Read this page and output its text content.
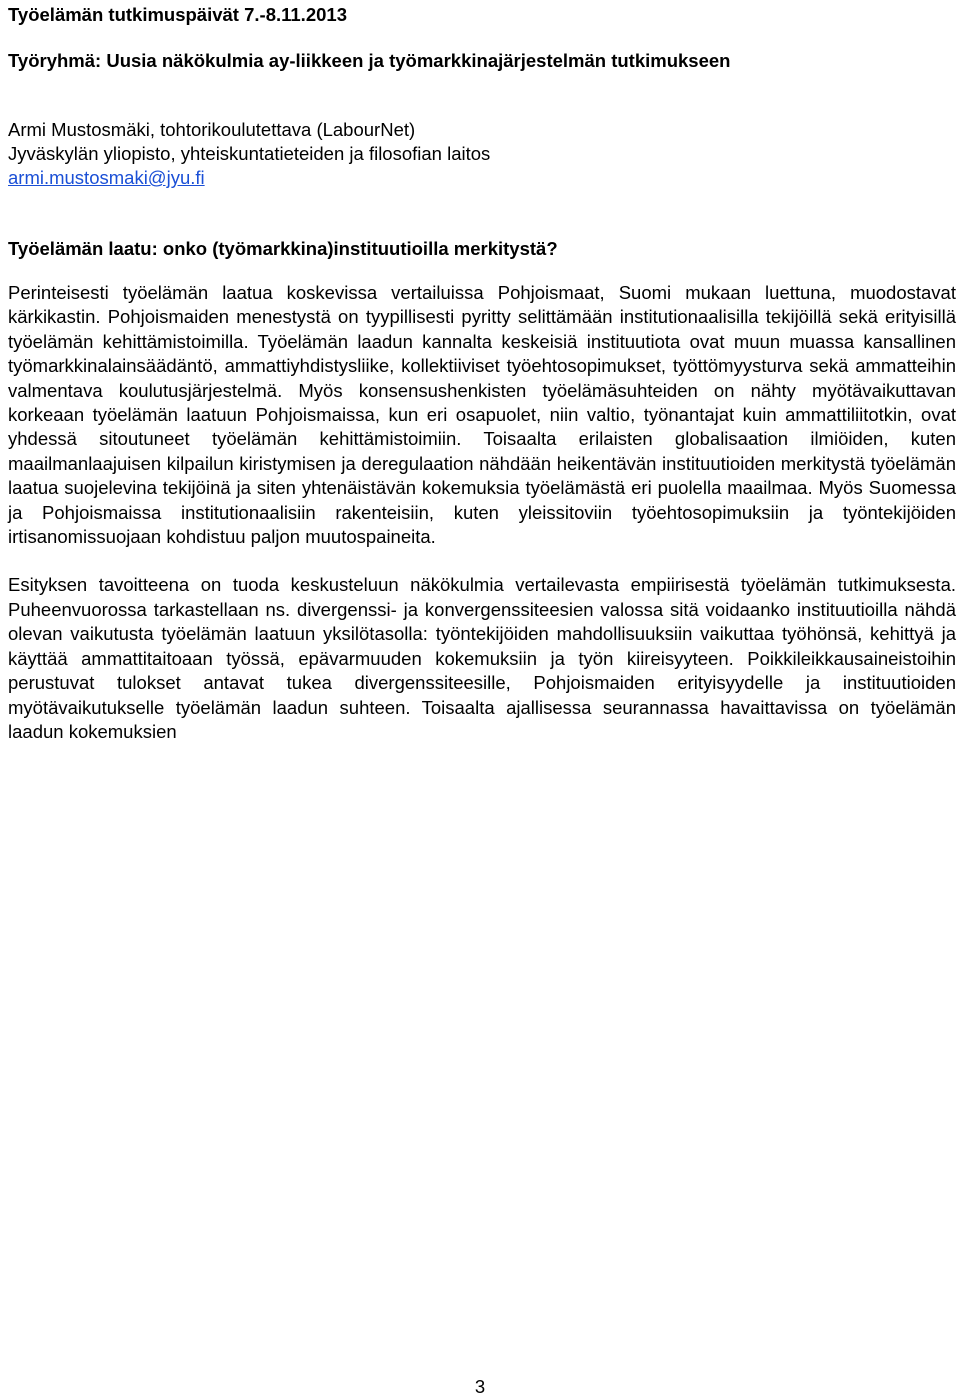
Työelämän tutkimuspäivät 7.-8.11.2013
Työryhmä: Uusia näkökulmia ay-liikkeen ja työmarkkinajärjestelmän tutkimukseen
Armi Mustosmäki, tohtorikoulutettava (LabourNet)
Jyväskylän yliopisto, yhteiskuntatieteiden ja filosofian laitos
armi.mustosmaki@jyu.fi
Työelämän laatu: onko (työmarkkina)instituutioilla merkitystä?

Perinteisesti työelämän laatua koskevissa vertailuissa Pohjoismaat, Suomi mukaan luettuna, muodostavat kärkikastin. Pohjoismaiden menestystä on tyypillisesti pyritty selittämään institutionaalisilla tekijöillä sekä erityisillä työelämän kehittämistoimilla. Työelämän laadun kannalta keskeisiä instituutiota ovat muun muassa kansallinen työmarkkinalainsäädäntö, ammattiyhdistysliike, kollektiiviset työehtosopimukset, työttömyysturva sekä ammatteihin valmentava koulutusjärjestelmä. Myös konsensushenkisten työelämäsuhteiden on nähty myötävaikuttavan korkeaan työelämän laatuun Pohjoismaissa, kun eri osapuolet, niin valtio, työnantajat kuin ammattiliitotkin, ovat yhdessä sitoutuneet työelämän kehittämistoimiin. Toisaalta erilaisten globalisaation ilmiöiden, kuten maailmanlaajuisen kilpailun kiristymisen ja deregulaation nähdään heikentävän instituutioiden merkitystä työelämän laatua suojelevina tekijöinä ja siten yhtenäistävän kokemuksia työelämästä eri puolella maailmaa. Myös Suomessa ja Pohjoismaissa institutionaalisiin rakenteisiin, kuten yleissitoviin työehtosopimuksiin ja työntekijöiden irtisanomissuojaan kohdistuu paljon muutospaineita.

Esityksen tavoitteena on tuoda keskusteluun näkökulmia vertailevasta empiirisestä työelämän tutkimuksesta. Puheenvuorossa tarkastellaan ns. divergenssi- ja konvergenssiteesien valossa sitä voidaanko instituutioilla nähdä olevan vaikutusta työelämän laatuun yksilötasolla: työntekijöiden mahdollisuuksiin vaikuttaa työhönsä, kehittyä ja käyttää ammattitaitoaan työssä, epävarmuuden kokemuksiin ja työn kiireisyyteen. Poikkileikkausaineistoihin perustuvat tulokset antavat tukea divergenssiteesille, Pohjoismaiden erityisyydelle ja instituutioiden myötävaikutukselle työelämän laadun suhteen. Toisaalta ajallisessa seurannassa havaittavissa on työelämän laadun kokemuksien

3
